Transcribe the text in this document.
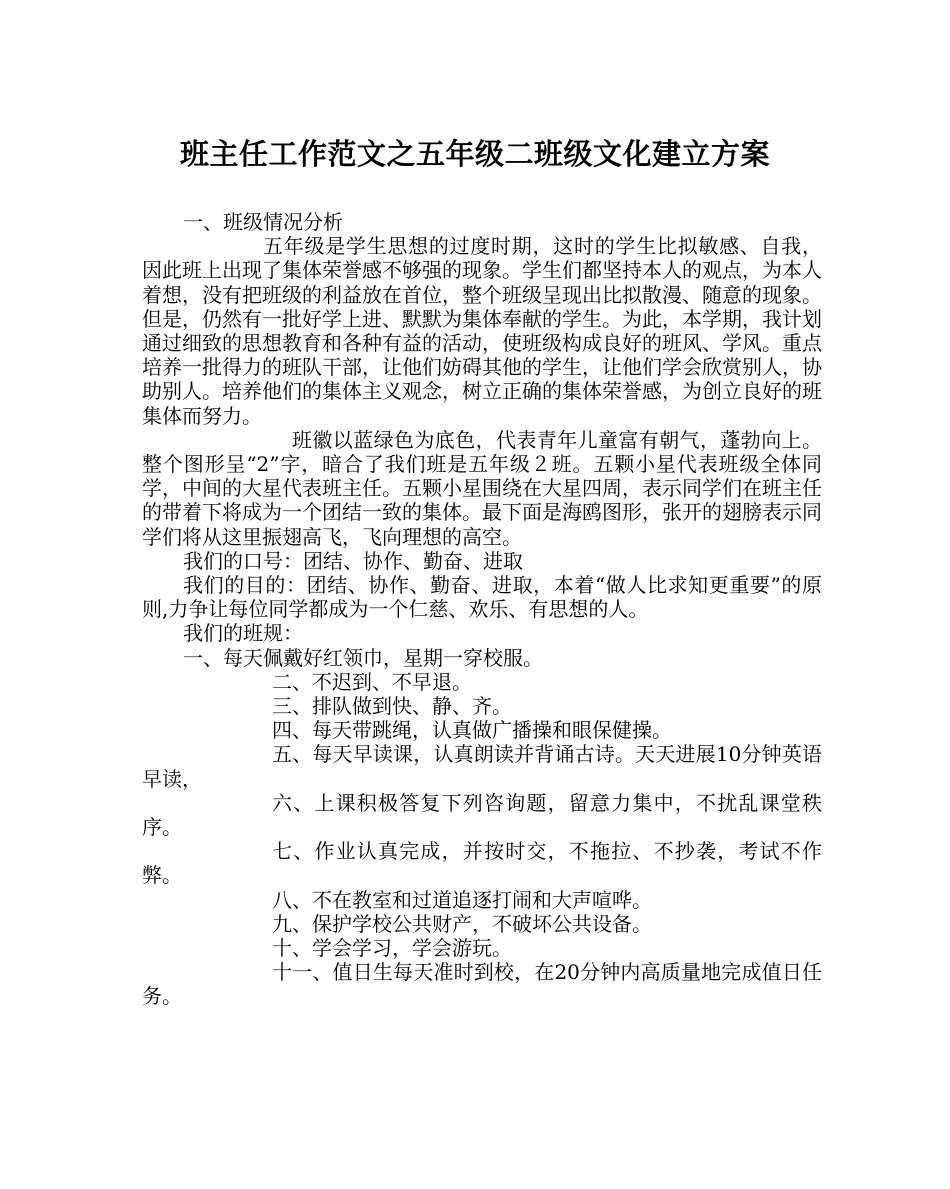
班主任工作范文之五年级二班级文化建立方案
一、班级情况分析

五年级是学生思想的过度时期，这时的学生比拟敏感、自我，因此班上出现了集体荣誉感不够强的现象。学生们都坚持本人的观点，为本人着想，没有把班级的利益放在首位，整个班级呈现出比拟散漫、随意的现象。但是，仍然有一批好学上进、默默为集体奉献的学生。为此，本学期，我计划通过细致的思想教育和各种有益的活动，使班级构成良好的班风、学风。重点培养一批得力的班队干部，让他们妨碍其他的学生，让他们学会欣赏别人，协助别人。培养他们的集体主义观念，树立正确的集体荣誉感，为创立良好的班集体而努力。

班徽以蓝绿色为底色，代表青年儿童富有朝气，蓬勃向上。整个图形呈“2”字，暗合了我们班是五年级２班。五颗小星代表班级全体同学，中间的大星代表班主任。五颗小星围绕在大星四周，表示同学们在班主任的带着下将成为一个团结一致的集体。最下面是海鸥图形，张开的翅膀表示同学们将从这里振翅高飞，飞向理想的高空。

我们的口号：团结、协作、勤奋、进取

我们的目的：团结、协作、勤奋、进取，本着“做人比求知更重要”的原则,力争让每位同学都成为一个仁慈、欢乐、有思想的人。

我们的班规：

一、每天佩戴好红领巾，星期一穿校服。

二、不迟到、不早退。

三、排队做到快、静、齐。

四、每天带跳绳，认真做广播操和眼保健操。

五、每天早读课，认真朗读并背诵古诗。天天进展10分钟英语早读，

六、上课积极答复下列咨询题，留意力集中，不扰乱课堂秩序。

七、作业认真完成，并按时交，不拖拉、不抄袭，考试不作弊。

八、不在教室和过道追逐打闹和大声喧哗。

九、保护学校公共财产，不破坏公共设备。

十、学会学习，学会游玩。

十一、值日生每天准时到校，在20分钟内高质量地完成值日任务。
